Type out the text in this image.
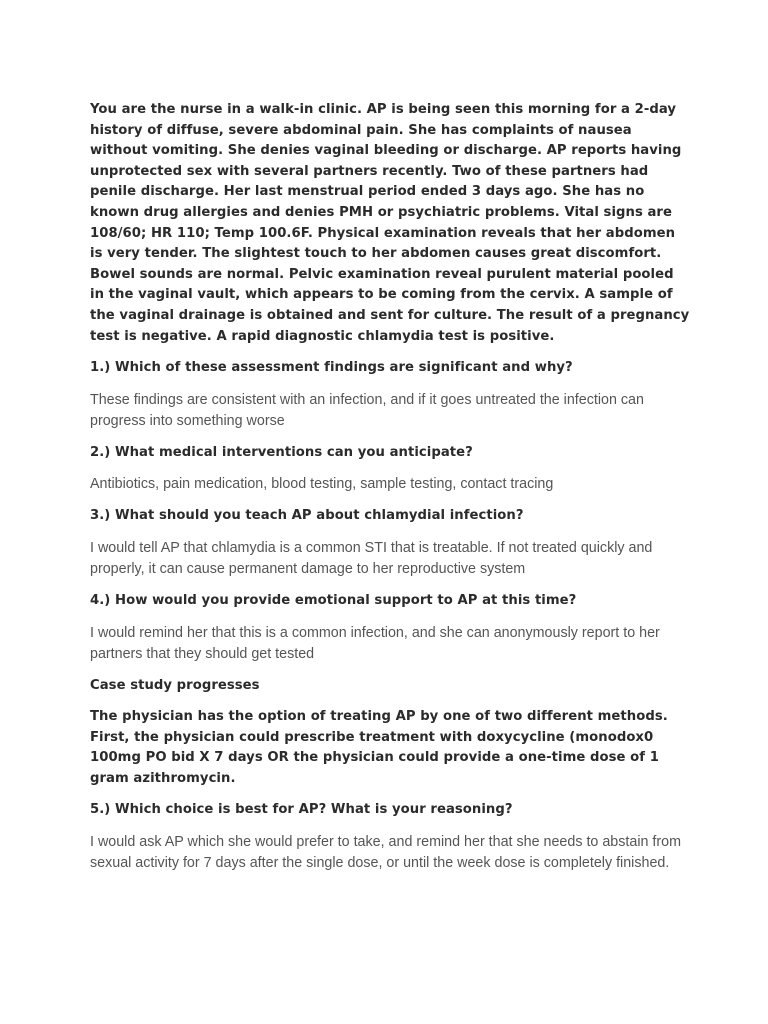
You are the nurse in a walk-in clinic. AP is being seen this morning for a 2-day history of diffuse, severe abdominal pain. She has complaints of nausea without vomiting. She denies vaginal bleeding or discharge. AP reports having unprotected sex with several partners recently. Two of these partners had penile discharge. Her last menstrual period ended 3 days ago. She has no known drug allergies and denies PMH or psychiatric problems. Vital signs are 108/60; HR 110; Temp 100.6F. Physical examination reveals that her abdomen is very tender. The slightest touch to her abdomen causes great discomfort. Bowel sounds are normal. Pelvic examination reveal purulent material pooled in the vaginal vault, which appears to be coming from the cervix. A sample of the vaginal drainage is obtained and sent for culture. The result of a pregnancy test is negative. A rapid diagnostic chlamydia test is positive.

1.) Which of these assessment findings are significant and why?

These findings are consistent with an infection, and if it goes untreated the infection can progress into something worse

2.) What medical interventions can you anticipate?

Antibiotics, pain medication, blood testing, sample testing, contact tracing

3.) What should you teach AP about chlamydial infection?

I would tell AP that chlamydia is a common STI that is treatable. If not treated quickly and properly, it can cause permanent damage to her reproductive system

4.) How would you provide emotional support to AP at this time?

I would remind her that this is a common infection, and she can anonymously report to her partners that they should get tested

Case study progresses

The physician has the option of treating AP by one of two different methods. First, the physician could prescribe treatment with doxycycline (monodox0 100mg PO bid X 7 days OR the physician could provide a one-time dose of 1 gram azithromycin.

5.) Which choice is best for AP? What is your reasoning?

I would ask AP which she would prefer to take, and remind her that she needs to abstain from sexual activity for 7 days after the single dose, or until the week dose is completely finished.
